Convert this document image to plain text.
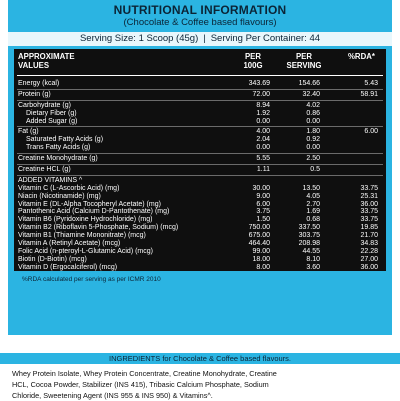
NUTRITIONAL INFORMATION
(Chocolate & Coffee based flavours)
Serving Size: 1 Scoop (45g) | Serving Per Container: 44
APPROXIMATE
VALUES
PER
100G
PER
SERVING
%RDA*
Energy (kcal)	343.69	154.66	5.43
Protein (g)	72.00	32.40	58.91
Carbohydrate (g)	8.94	4.02
Dietary Fiber (g)	1.92	0.86
Added Sugar (g)	0.00	0.00
Fat (g)	4.00	1.80	6.00
Saturated Fatty Acids (g)	2.04	0.92
Trans Fatty Acids (g)	0.00	0.00
Creatine Monohydrate (g)	5.55	2.50
Creatine HCL (g)	1.11	0.5
ADDED VITAMINS ^
Vitamin C (L-Ascorbic Acid) (mg)	30.00	13.50	33.75
Niacin (Nicotinamide) (mg)	9.00	4.05	25.31
Vitamin E (DL-Alpha Tocopheryl Acetate) (mg)	6.00	2.70	36.00
Pantothenic Acid (Calcium D-Pantothenate) (mg)	3.75	1.69	33.75
Vitamin B6 (Pyridoxine Hydrochloride) (mg)	1.50	0.68	33.75
Vitamin B2 (Riboflavin 5-Phosphate, Sodium) (mcg)	750.00	337.50	19.85
Vitamin B1 (Thiamine Mononitrate) (mcg)	675.00	303.75	21.70
Vitamin A (Retinyl Acetate) (mcg)	464.40	208.98	34.83
Folic Acid (n-pteroyl-L-Glutamic Acid) (mcg)	99.00	44.55	22.28
Biotin (D-Biotin) (mcg)	18.00	8.10	27.00
Vitamin D (Ergocalciferol) (mcg)	8.00	3.60	36.00
%RDA calculated per serving as per ICMR 2010
INGREDIENTS for Chocolate & Coffee based flavours.
Whey Protein Isolate, Whey Protein Concentrate, Creatine Monohydrate, Creatine
HCL, Cocoa Powder, Stabilizer (INS 415), Tribasic Calcium Phosphate, Sodium
Chloride, Sweetening Agent (INS 955 & INS 950) & Vitamins^.
